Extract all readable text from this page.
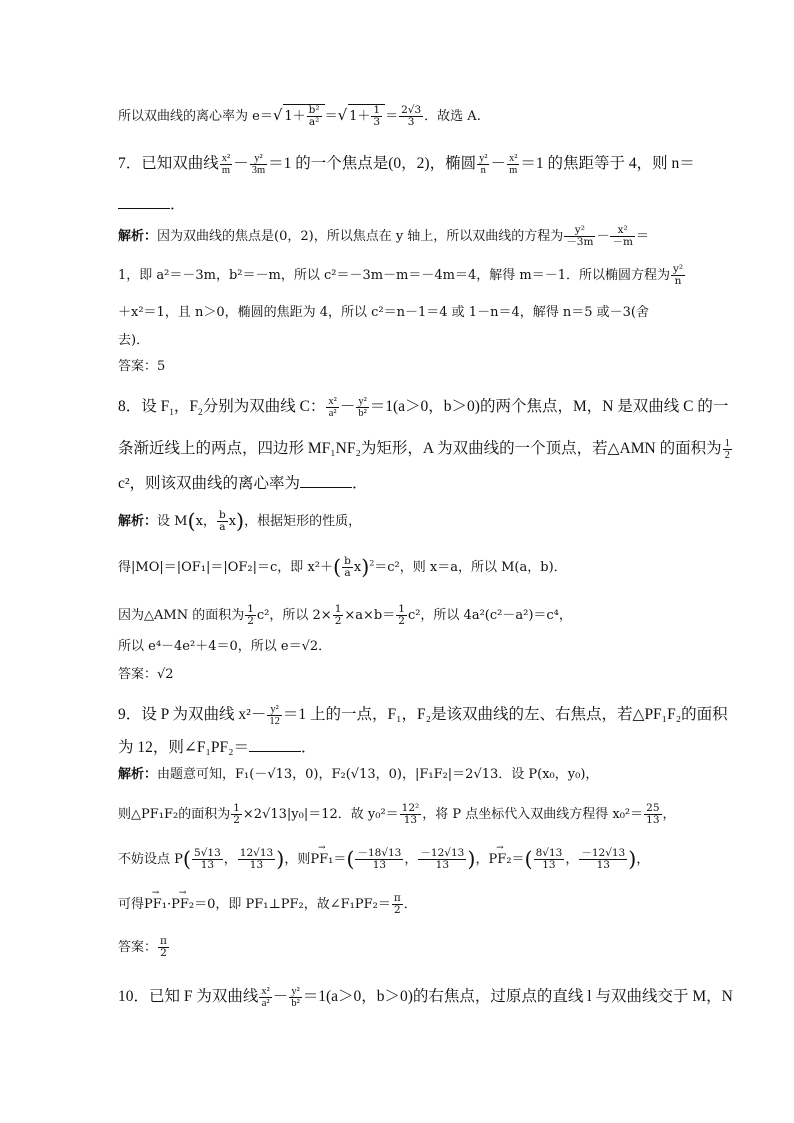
所以双曲线的离心率为 e＝√ $1+ \frac{\text{b²}}{\text{a²}}$ ＝√ $1+ \frac{1}{3} = \frac{2√3}{3}$ ．故选 A.
7．已知双曲线 $\frac{\text{x²}}{m} - \frac{\text{y²}}{3m} =1$ 的一个焦点是(0，2)，椭圆 $\frac{\text{y²}}{n} - \frac{\text{x²}}{m} =1$ 的焦距等于 4，则 n＝
．
解析：因为双曲线的焦点是(0，2)，所以焦点在 y 轴上，所以双曲线的方程为 $\frac{\text{y²}}{-3m} - \frac{\text{x²}}{-m}$ ＝
1，即 a²＝－3m，b²＝－m，所以 c²＝－3m－m＝－4m＝4，解得 m＝－1．所以椭圆方程为 $\frac{\text{y²}}{n}$
＋x²＝1，且 n＞0，椭圆的焦距为 4，所以 c²＝n－1＝4 或 1－n＝4，解得 n＝5 或－3(舍
去)．
答案：5
8．设 $F_1$，$F_2$分别为双曲线 C： $\frac{\text{x²}}{\text{a²}} - \frac{\text{y²}}{\text{b²}} =1(a>0$，b＞0)的两个焦点，M，N 是双曲线 C 的一
条渐近线上的两点，四边形 MF₁NF₂为矩形，A 为双曲线的一个顶点，若△AMN 的面积为 $\frac{1}{2}$
c²，则该双曲线的离心率为	．
解析：设 M(x， $\frac{b}{a} x$)，根据矩形的性质，
得|MO|＝|OF₁|＝|OF₂|＝c，即 $x^2+( \frac{b}{a} x)^2=c^2$，则 x＝a，所以 M(a，b)．
因为△AMN 的面积为 $\frac{1}{2} c^2$，所以 $2\times \frac{1}{2} \times a\times b= \frac{1}{2} c^2$，所以 4a²(c²－a²)＝c⁴，
所以 e⁴－4e²＋4＝0，所以 e＝√2．
答案：√2
9．设 P 为双曲线 $x^2- \frac{\text{y²}}{12} =1$ 上的一点，F₁，F₂是该双曲线的左、右焦点，若△PF₁F₂的面积
为 12，则∠F₁PF₂＝	．
解析：由题意可知，F₁(－√13，0)，F₂(√13，0)，|F₁F₂|＝2√13．设 P(x₀，y₀)，
则△PF₁F₂的面积为 $\frac{1}{2} \times 2√13|y_0|=12$．故 $y_0^2= \frac{\text{12²}}{13}$ ，将 P 点坐标代入双曲线方程得 $x_0^2= \frac{25}{13}$ ，
不妨设点 $P( \frac{5√13}{13}$ ， $\frac{12√13}{13}$ )，则→ $PF_1=( \frac{-18√13}{13}$ ， $\frac{-12√13}{13}$ )，→ $PF_2=( \frac{8√13}{13}$ ， $\frac{-12√13}{13}$ )，
可得→ PF₁·→ PF₂＝0，即 PF₁⊥PF₂，故∠F₁PF₂＝ $\frac{\pi}{2}$ ．
答案： $\frac{\pi}{2}$
10．已知 F 为双曲线 $\frac{\text{x²}}{\text{a²}} - \frac{\text{y²}}{\text{b²}} =1(a>0$，b＞0)的右焦点，过原点的直线 l 与双曲线交于 M，N
